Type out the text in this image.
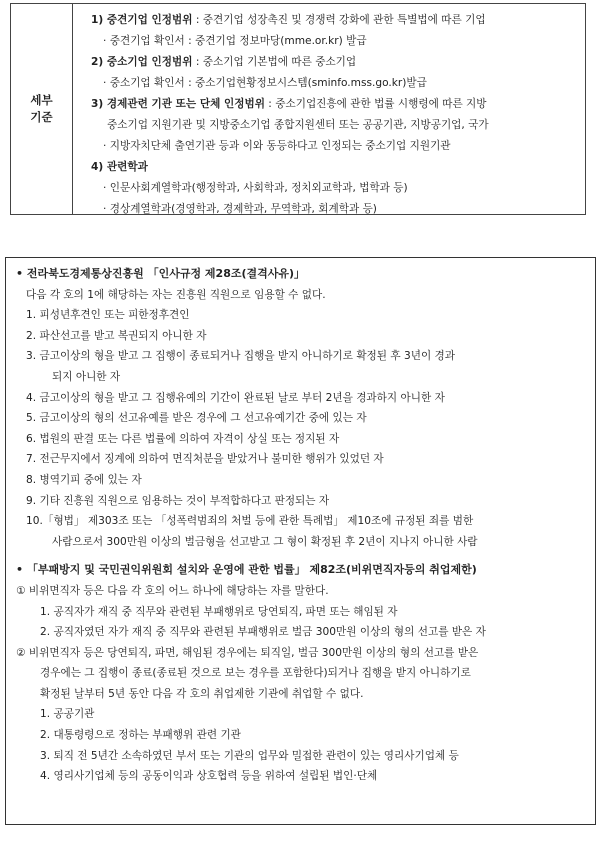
세부
기준
1) 중견기업 인정범위 : 중견기업 성장촉진 및 경쟁력 강화에 관한 특별법에 따른 기업
· 중견기업 확인서 : 중견기업 정보마당(mme.or.kr) 발급
2) 중소기업 인정범위 : 중소기업 기본법에 따른 중소기업
· 중소기업 확인서 : 중소기업현황정보시스템(sminfo.mss.go.kr)발급
3) 경제관련 기관 또는 단체 인정범위 : 중소기업진흥에 관한 법률 시행령에 따른 지방
중소기업 지원기관 및 지방중소기업 종합지원센터 또는 공공기관, 지방공기업, 국가
· 지방자치단체 출연기관 등과 이와 동등하다고 인정되는 중소기업 지원기관
4) 관련학과
· 인문사회계열학과(행정학과, 사회학과, 정치외교학과, 법학과 등)
· 경상계열학과(경영학과, 경제학과, 무역학과, 회계학과 등)
• 전라북도경제통상진흥원 「인사규정 제28조(결격사유)」
다음 각 호의 1에 해당하는 자는 진흥원 직원으로 임용할 수 없다.
1. 피성년후견인 또는 피한정후견인
2. 파산선고를 받고 복권되지 아니한 자
3. 금고이상의 형을 받고 그 집행이 종료되거나 집행을 받지 아니하기로 확정된 후 3년이 경과
되지 아니한 자
4. 금고이상의 형을 받고 그 집행유예의 기간이 완료된 날로 부터 2년을 경과하지 아니한 자
5. 금고이상의 형의 선고유예를 받은 경우에 그 선고유예기간 중에 있는 자
6. 법원의 판결 또는 다른 법률에 의하여 자격이 상실 또는 정지된 자
7. 전근무지에서 징계에 의하여 면직처분을 받았거나 불미한 행위가 있었던 자
8. 병역기피 중에 있는 자
9. 기타 진흥원 직원으로 임용하는 것이 부적합하다고 판정되는 자
10.「형법」 제303조 또는 「성폭력범죄의 처벌 등에 관한 특례법」 제10조에 규정된 죄를 범한
사람으로서 300만원 이상의 벌금형을 선고받고 그 형이 확정된 후 2년이 지나지 아니한 사람
• 「부패방지 및 국민권익위원회 설치와 운영에 관한 법률」 제82조(비위면직자등의 취업제한)
① 비위면직자 등은 다음 각 호의 어느 하나에 해당하는 자를 말한다.
1. 공직자가 재직 중 직무와 관련된 부패행위로 당연퇴직, 파면 또는 해임된 자
2. 공직자였던 자가 재직 중 직무와 관련된 부패행위로 벌금 300만원 이상의 형의 선고를 받은 자
② 비위면직자 등은 당연퇴직, 파면, 해임된 경우에는 퇴직일, 벌금 300만원 이상의 형의 선고를 받은
경우에는 그 집행이 종료(종료된 것으로 보는 경우를 포함한다)되거나 집행을 받지 아니하기로
확정된 날부터 5년 동안 다음 각 호의 취업제한 기관에 취업할 수 없다.
1. 공공기관
2. 대통령령으로 정하는 부패행위 관련 기관
3. 퇴직 전 5년간 소속하였던 부서 또는 기관의 업무와 밀접한 관련이 있는 영리사기업체 등
4. 영리사기업체 등의 공동이익과 상호협력 등을 위하여 설립된 법인·단체
